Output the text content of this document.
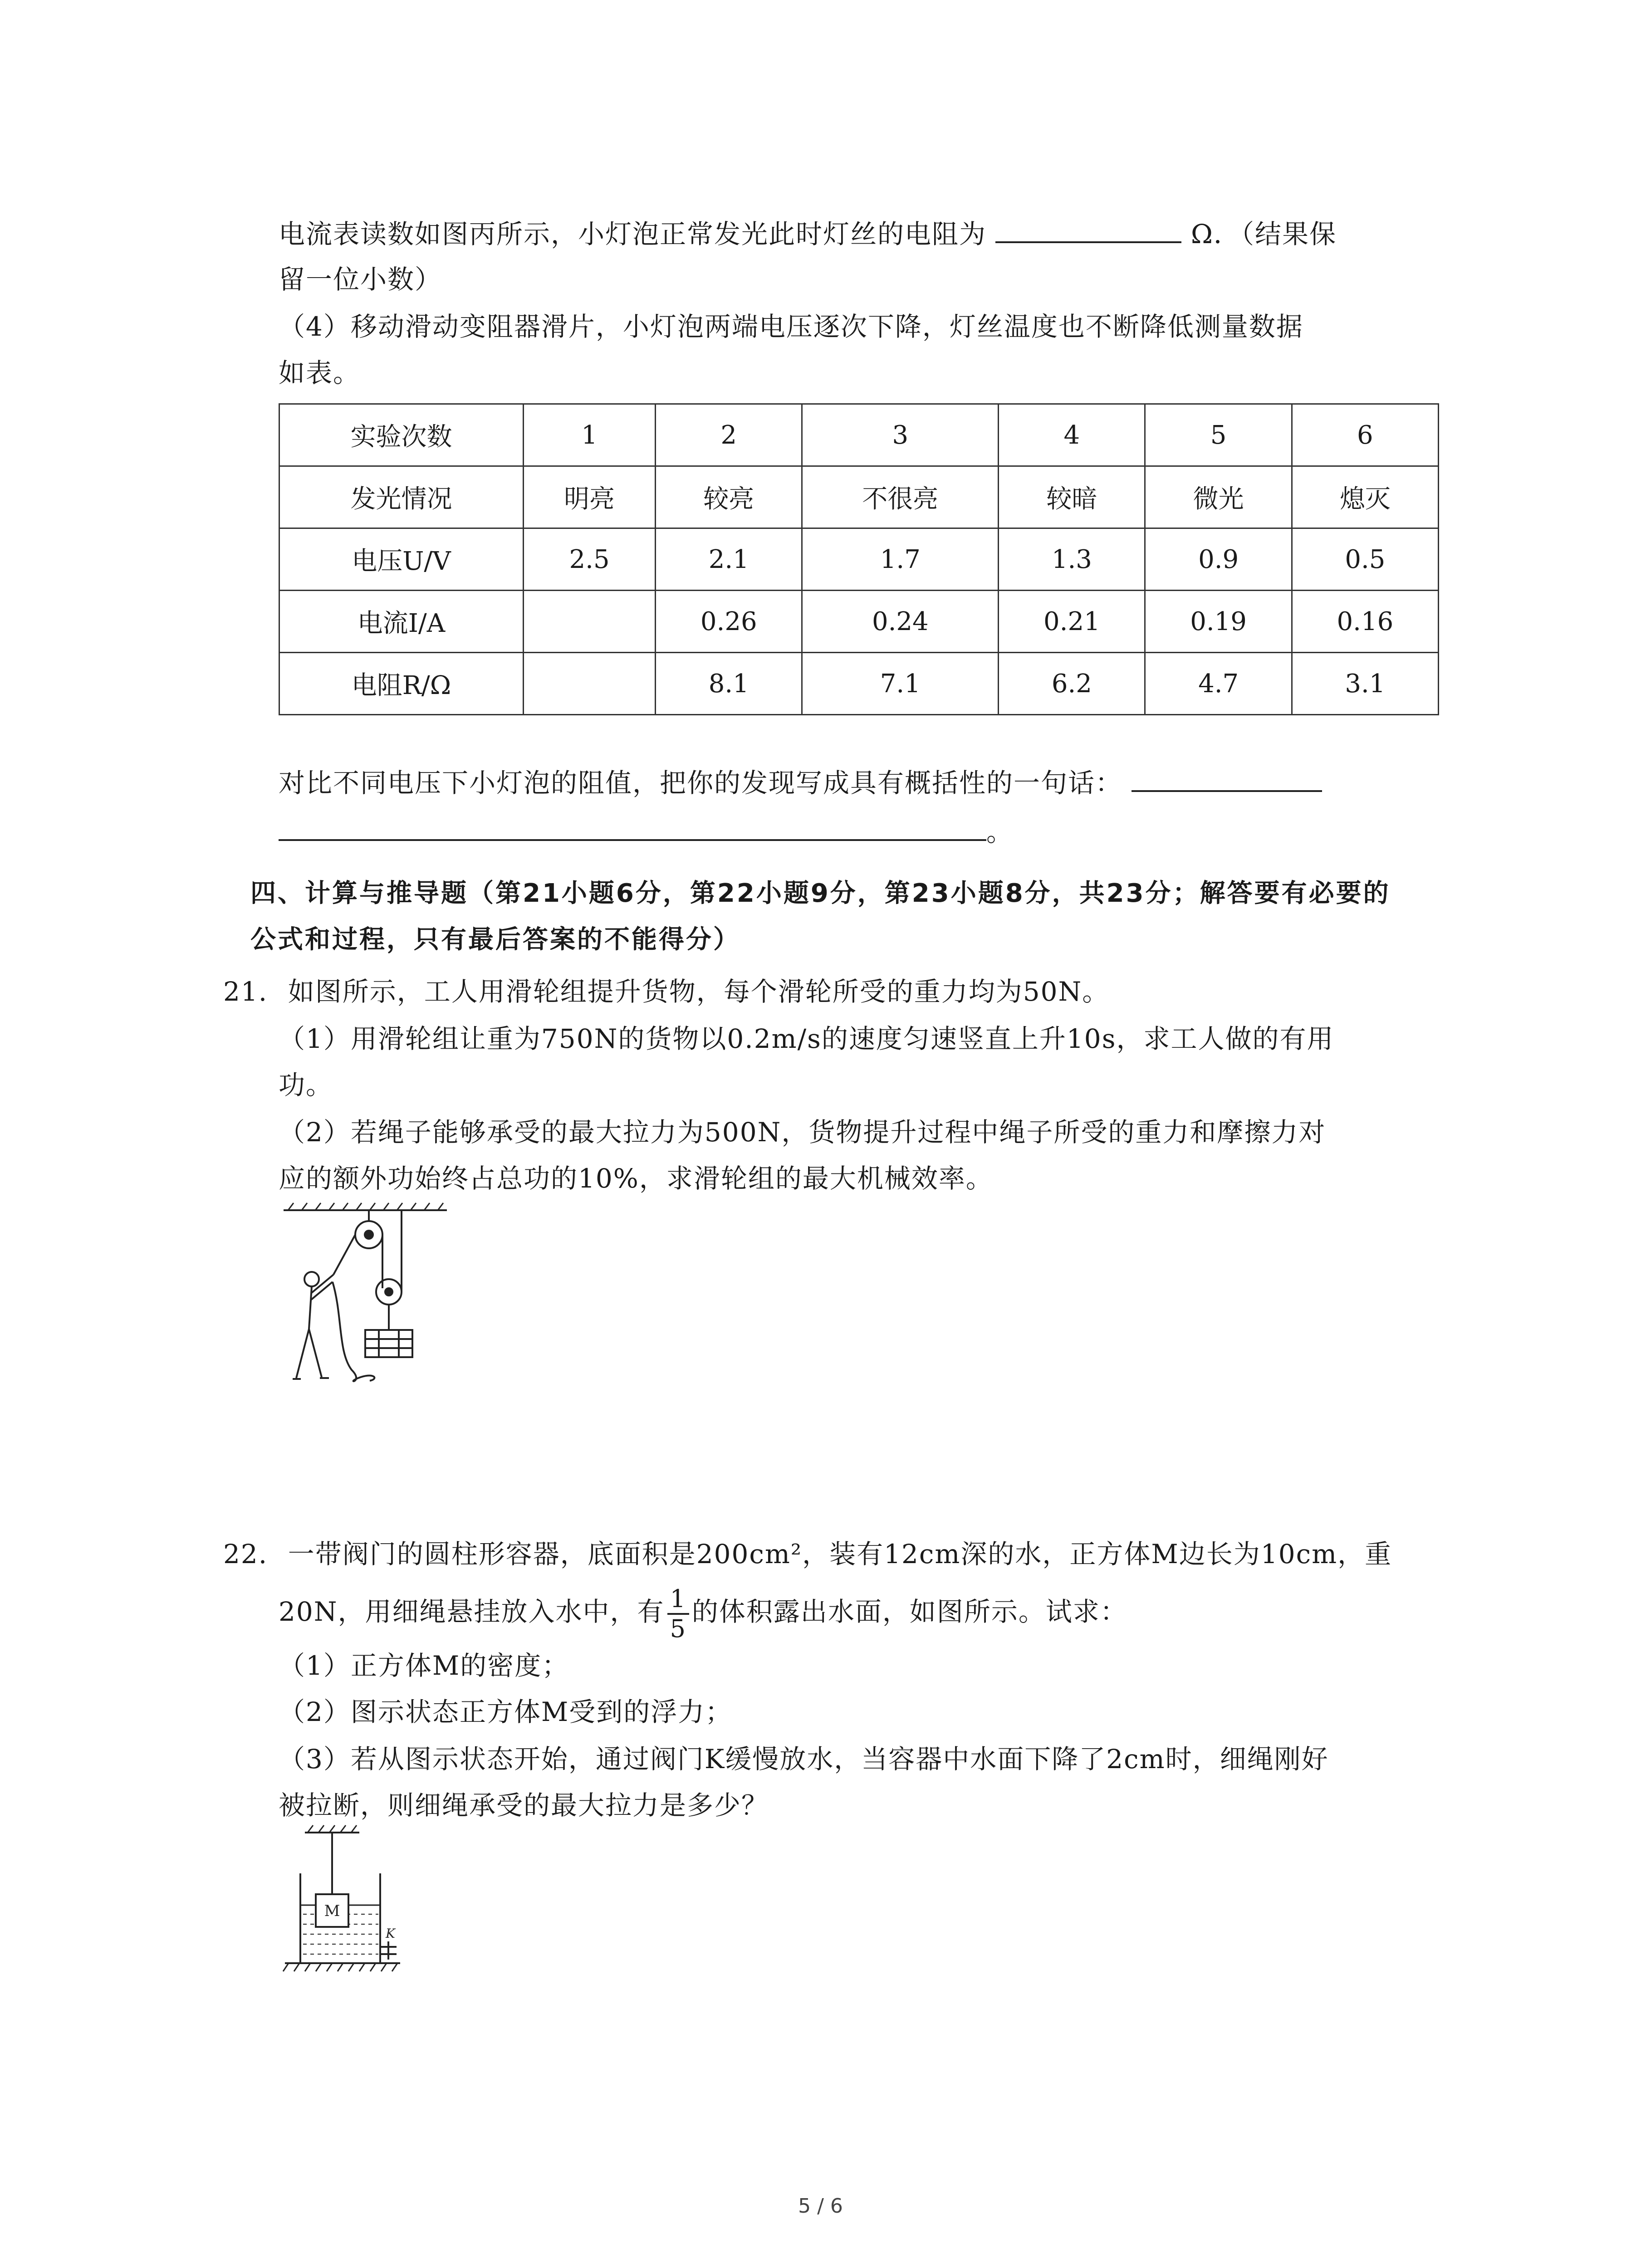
电流表读数如图丙所示，小灯泡正常发光此时灯丝的电阻为	Ω．（结果保
留一位小数）
（4）移动滑动变阻器滑片，小灯泡两端电压逐次下降，灯丝温度也不断降低测量数据
如表。
实验次数	1	2	3	4	5	6
发光情况	明亮	较亮	不很亮	较暗	微光	熄灭
电压U/V	2.5	2.1	1.7	1.3	0.9	0.5
电流I/A		0.26	0.24	0.21	0.19	0.16
电阻R/Ω		8.1	7.1	6.2	4.7	3.1
对比不同电压下小灯泡的阻值，把你的发现写成具有概括性的一句话：
。
四、计算与推导题（第21小题6分，第22小题9分，第23小题8分，共23分；解答要有必要的
公式和过程，只有最后答案的不能得分）
21. 如图所示，工人用滑轮组提升货物，每个滑轮所受的重力均为50N。
（1）用滑轮组让重为750N的货物以0.2m/s的速度匀速竖直上升10s，求工人做的有用
功。
（2）若绳子能够承受的最大拉力为500N，货物提升过程中绳子所受的重力和摩擦力对
应的额外功始终占总功的10%，求滑轮组的最大机械效率。
22. 一带阀门的圆柱形容器，底面积是200cm²，装有12cm深的水，正方体M边长为10cm，重
20N，用细绳悬挂放入水中，有 $\frac{1}{5}$ 的体积露出水面，如图所示。试求：
（1）正方体M的密度；
（2）图示状态正方体M受到的浮力；
（3）若从图示状态开始，通过阀门K缓慢放水，当容器中水面下降了2cm时，细绳刚好
被拉断，则细绳承受的最大拉力是多少？
M
K
5 / 6
